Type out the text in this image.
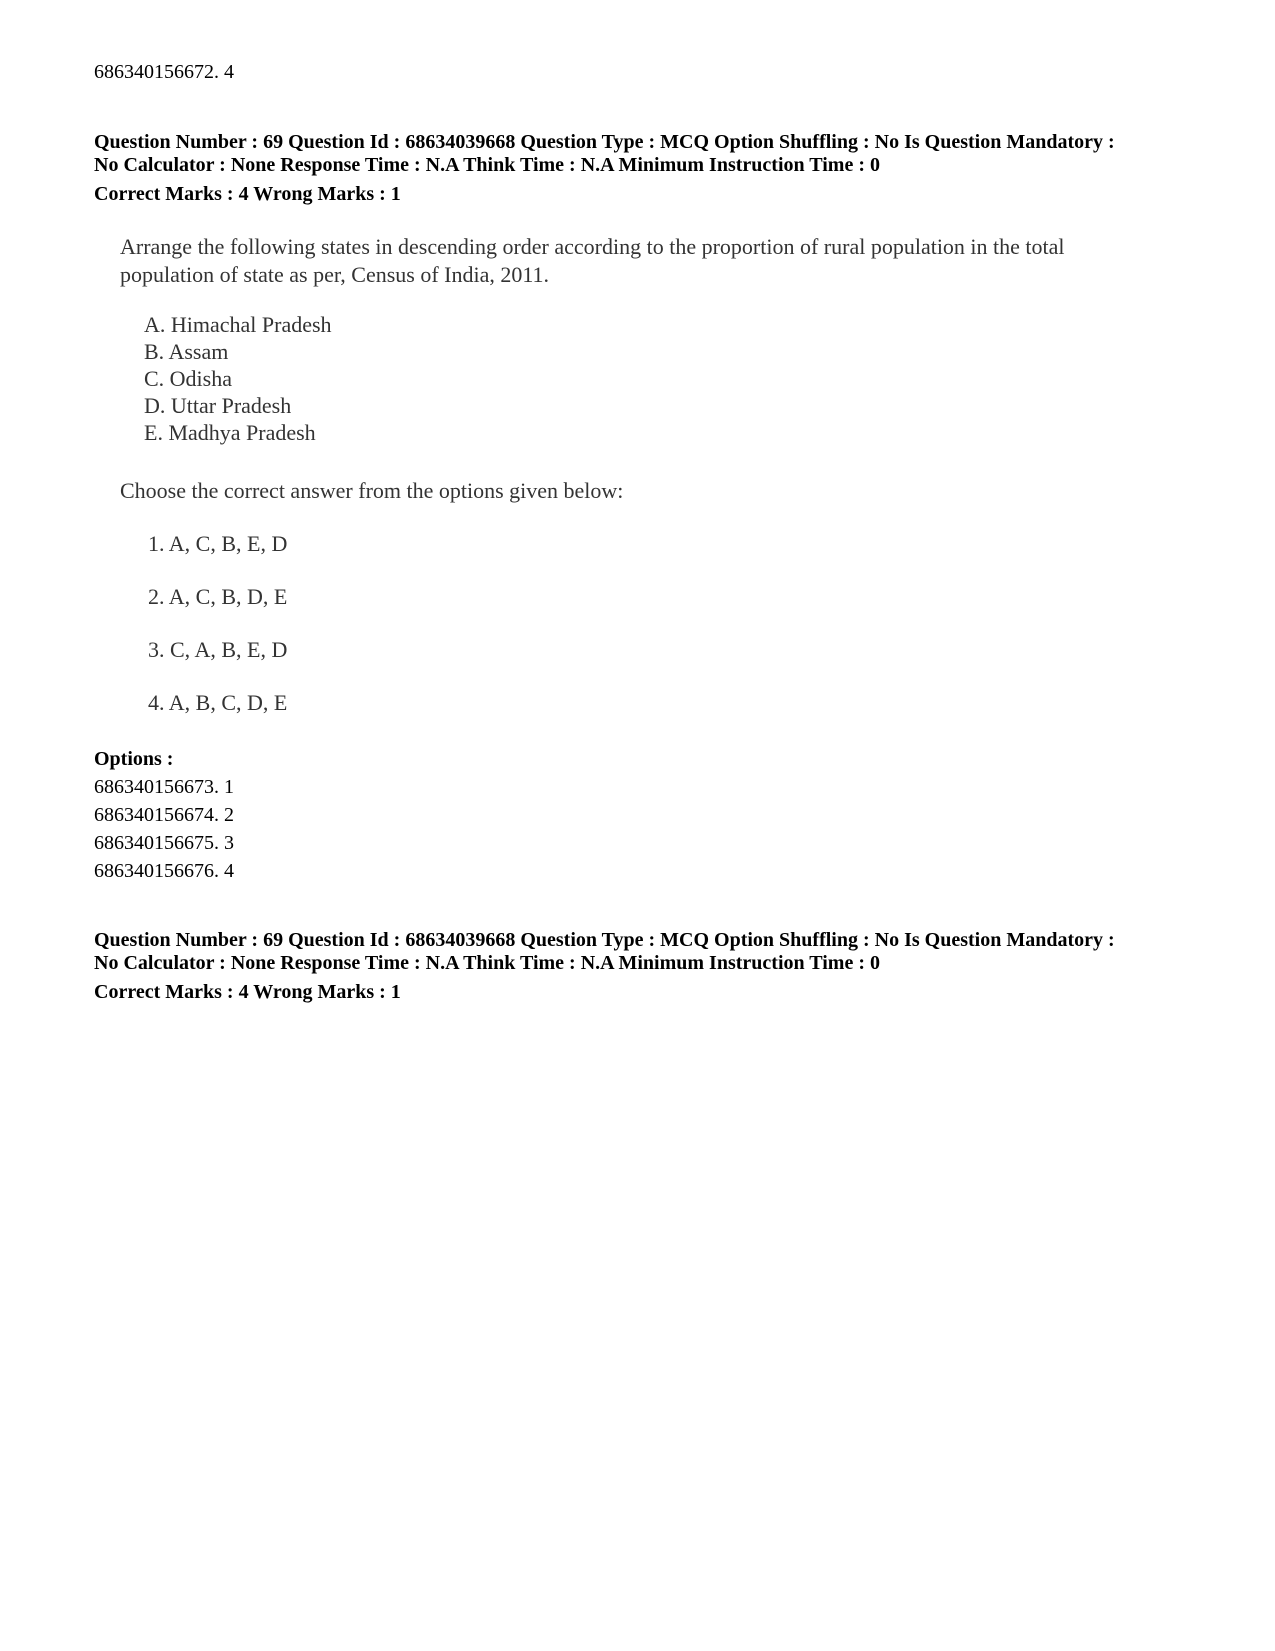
686340156672. 4
Question Number : 69 Question Id : 68634039668 Question Type : MCQ Option Shuffling : No Is Question Mandatory :
No Calculator : None Response Time : N.A Think Time : N.A Minimum Instruction Time : 0
Correct Marks : 4 Wrong Marks : 1
Arrange the following states in descending order according to the proportion of rural population in the total population of state as per, Census of India, 2011.
A. Himachal Pradesh
B. Assam
C. Odisha
D. Uttar Pradesh
E. Madhya Pradesh
Choose the correct answer from the options given below:
1. A, C, B, E, D
2. A, C, B, D, E
3. C, A, B, E, D
4. A, B, C, D, E
Options :
686340156673. 1
686340156674. 2
686340156675. 3
686340156676. 4
Question Number : 69 Question Id : 68634039668 Question Type : MCQ Option Shuffling : No Is Question Mandatory :
No Calculator : None Response Time : N.A Think Time : N.A Minimum Instruction Time : 0
Correct Marks : 4 Wrong Marks : 1
